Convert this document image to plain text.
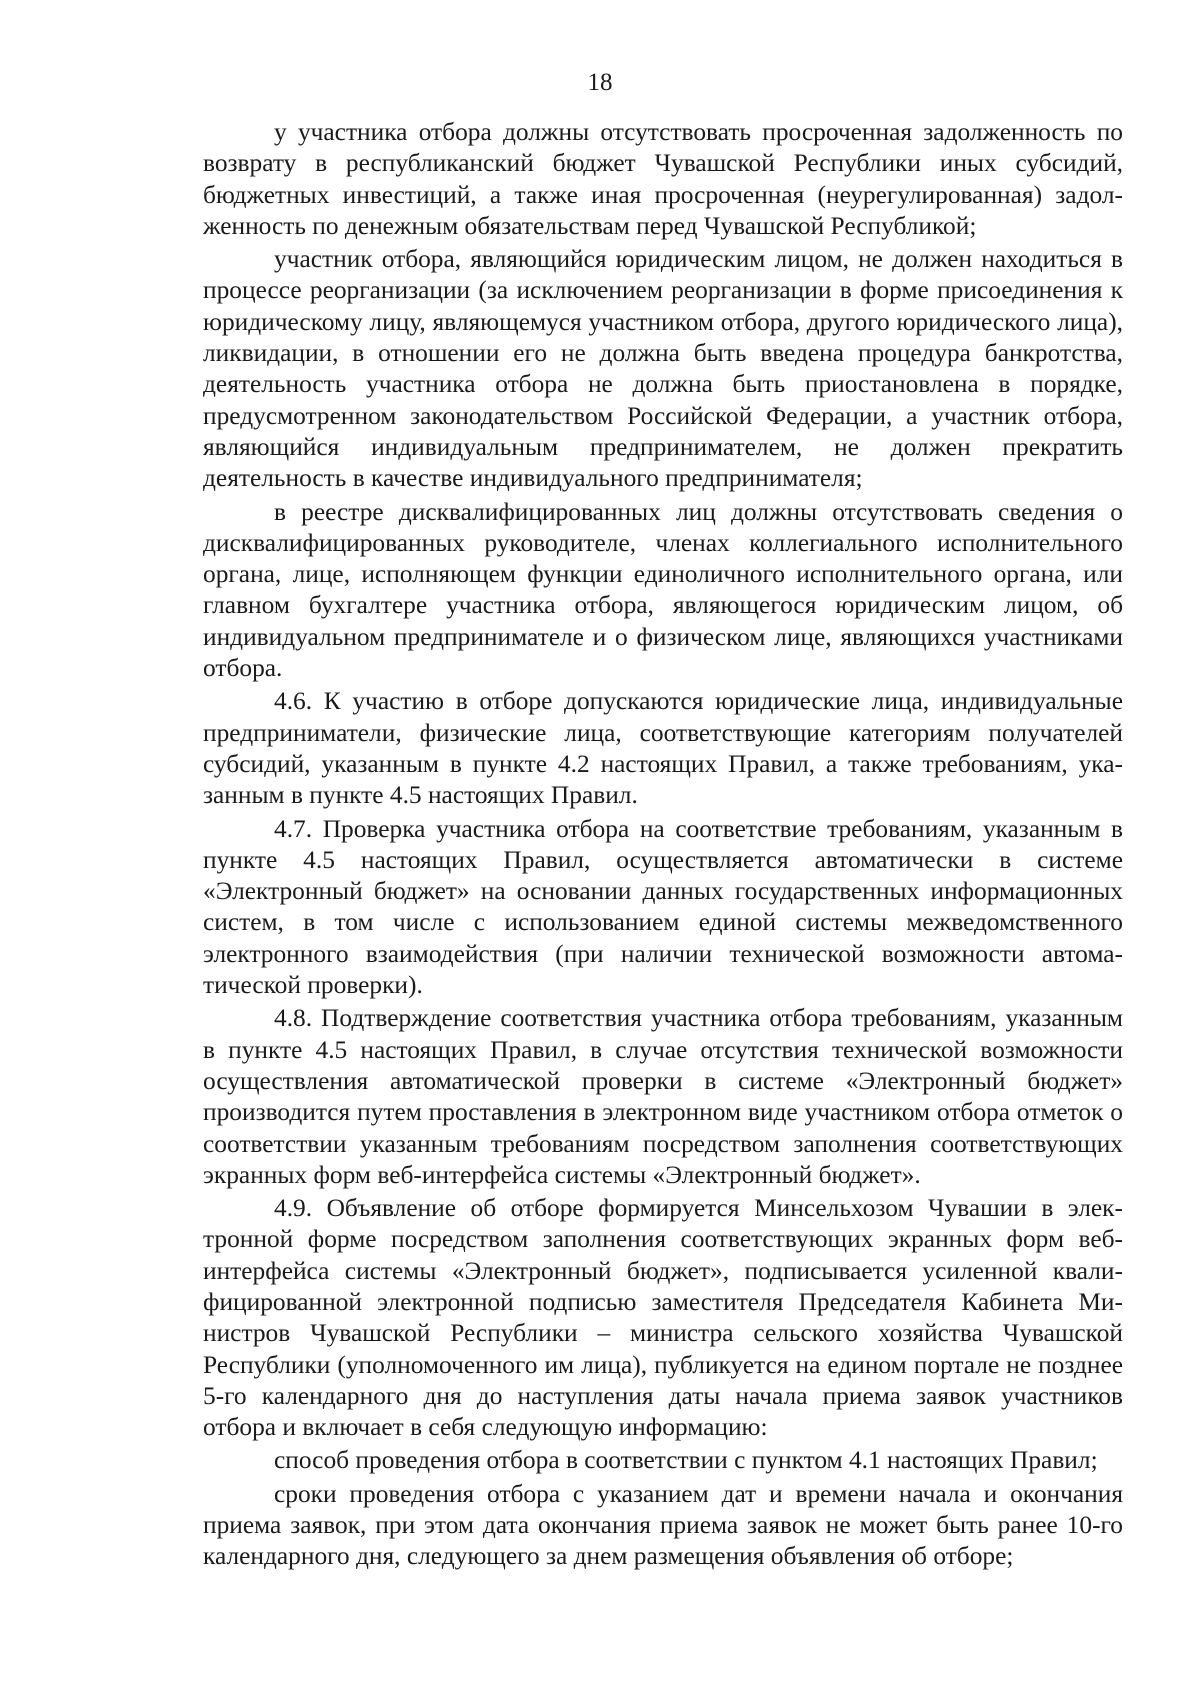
18

у участника отбора должны отсутствовать просроченная задолженность по возврату в республиканский бюджет Чувашской Республики иных субсидий, бюджетных инвестиций, а также иная просроченная (неурегулированная) задолженность по денежным обязательствам перед Чувашской Республикой;

участник отбора, являющийся юридическим лицом, не должен находиться в процессе реорганизации (за исключением реорганизации в форме присоединения к юридическому лицу, являющемуся участником отбора, другого юридического лица), ликвидации, в отношении его не должна быть введена процедура банкротства, деятельность участника отбора не должна быть приостановлена в порядке, предусмотренном законодательством Российской Федерации, а участник отбора, являющийся индивидуальным предпринимателем, не должен прекратить деятельность в качестве индивидуального предпринимателя;

в реестре дисквалифицированных лиц должны отсутствовать сведения о дисквалифицированных руководителе, членах коллегиального исполнительного органа, лице, исполняющем функции единоличного исполнительного органа, или главном бухгалтере участника отбора, являющегося юридическим лицом, об индивидуальном предпринимателе и о физическом лице, являющихся участниками отбора.

4.6. К участию в отборе допускаются юридические лица, индивидуальные предприниматели, физические лица, соответствующие категориям получателей субсидий, указанным в пункте 4.2 настоящих Правил, а также требованиям, указанным в пункте 4.5 настоящих Правил.

4.7. Проверка участника отбора на соответствие требованиям, указанным в пункте 4.5 настоящих Правил, осуществляется автоматически в системе «Электронный бюджет» на основании данных государственных информационных систем, в том числе с использованием единой системы межведомственного электронного взаимодействия (при наличии технической возможности автоматической проверки).

4.8. Подтверждение соответствия участника отбора требованиям, указанным в пункте 4.5 настоящих Правил, в случае отсутствия технической возможности осуществления автоматической проверки в системе «Электронный бюджет» производится путем проставления в электронном виде участником отбора отметок о соответствии указанным требованиям посредством заполнения соответствующих экранных форм веб-интерфейса системы «Электронный бюджет».

4.9. Объявление об отборе формируется Минсельхозом Чувашии в электронной форме посредством заполнения соответствующих экранных форм веб-интерфейса системы «Электронный бюджет», подписывается усиленной квалифицированной электронной подписью заместителя Председателя Кабинета Министров Чувашской Республики – министра сельского хозяйства Чувашской Республики (уполномоченного им лица), публикуется на едином портале не позднее 5-го календарного дня до наступления даты начала приема заявок участников отбора и включает в себя следующую информацию:

способ проведения отбора в соответствии с пунктом 4.1 настоящих Правил;

сроки проведения отбора с указанием дат и времени начала и окончания приема заявок, при этом дата окончания приема заявок не может быть ранее 10-го календарного дня, следующего за днем размещения объявления об отборе;
